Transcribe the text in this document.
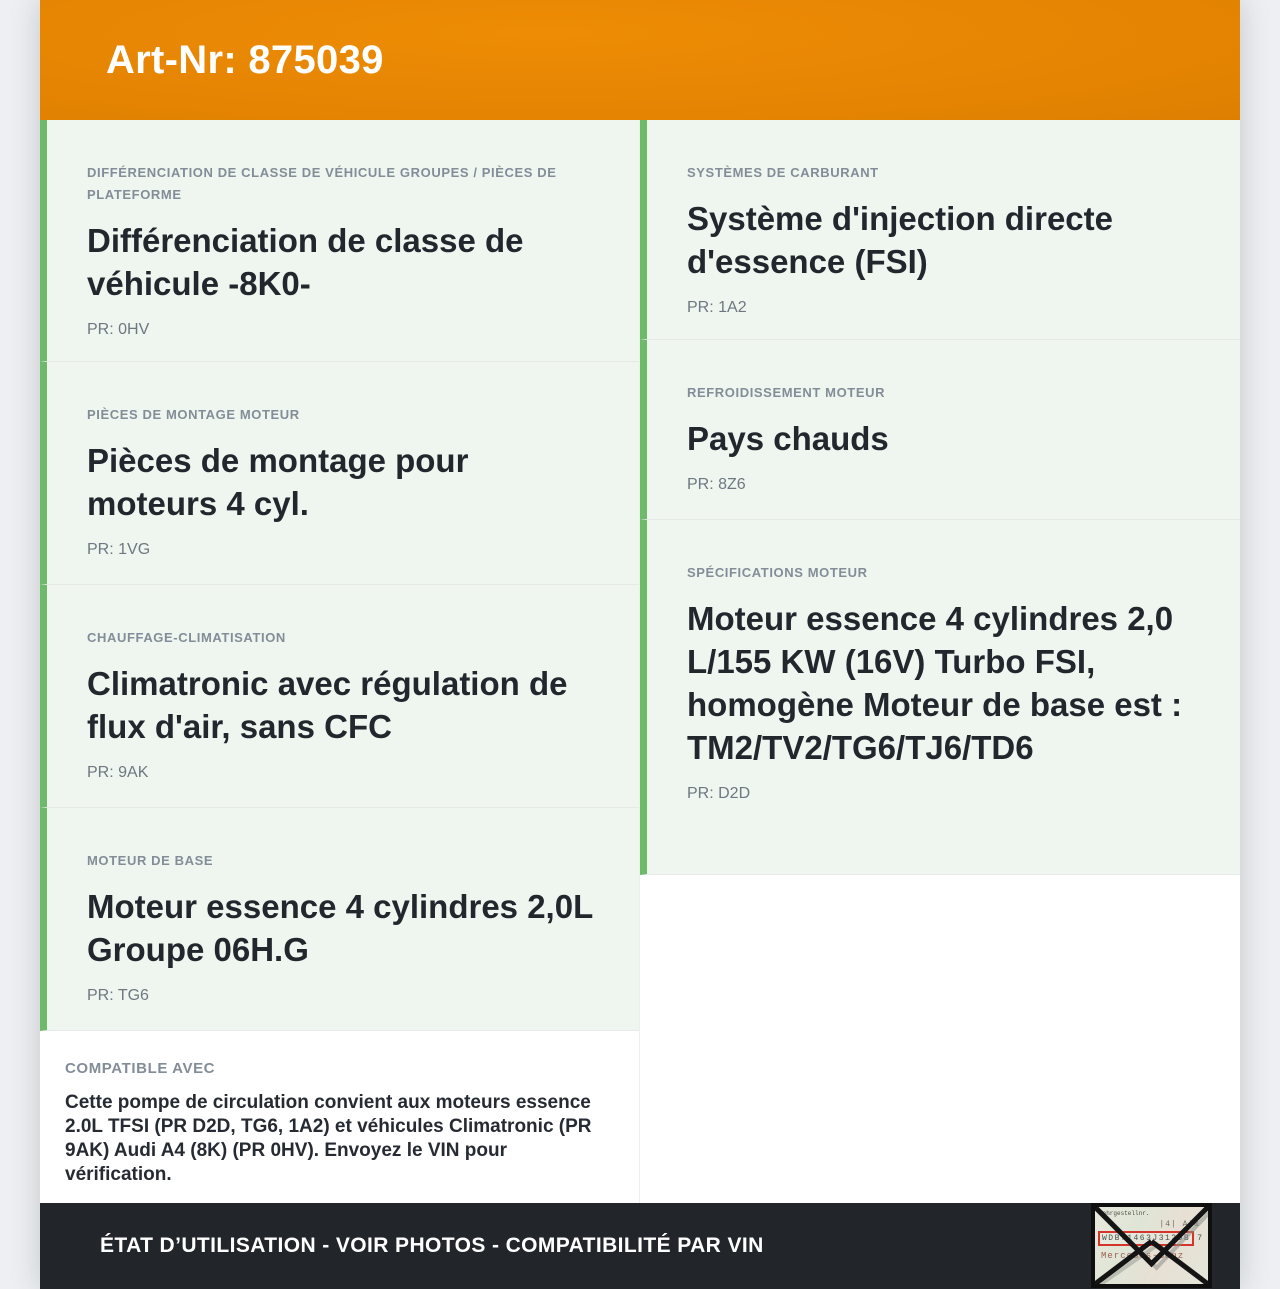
Art-Nr: 875039
DIFFÉRENCIATION DE CLASSE DE VÉHICULE GROUPES / PIÈCES DE PLATEFORME
Différenciation de classe de véhicule -8K0-
PR: 0HV
PIÈCES DE MONTAGE MOTEUR
Pièces de montage pour moteurs 4 cyl.
PR: 1VG
CHAUFFAGE-CLIMATISATION
Climatronic avec régulation de flux d'air, sans CFC
PR: 9AK
MOTEUR DE BASE
Moteur essence 4 cylindres 2,0L Groupe 06H.G
PR: TG6
COMPATIBLE AVEC
Cette pompe de circulation convient aux moteurs essence 2.0L TFSI (PR D2D, TG6, 1A2) et véhicules Climatronic (PR 9AK) Audi A4 (8K) (PR 0HV). Envoyez le VIN pour vérification.
SYSTÈMES DE CARBURANT
Système d'injection directe d'essence (FSI)
PR: 1A2
REFROIDISSEMENT MOTEUR
Pays chauds
PR: 8Z6
SPÉCIFICATIONS MOTEUR
Moteur essence 4 cylindres 2,0 L/155 KW (16V) Turbo FSI, homogène Moteur de base est : TM2/TV2/TG6/TJ6/TD6
PR: D2D
ÉTAT D’UTILISATION - VOIR PHOTOS - COMPATIBILITÉ PAR VIN
Fahrgestellnr.
|4| A|&
WDB71463J3129B 7
Mercedes-Benz
